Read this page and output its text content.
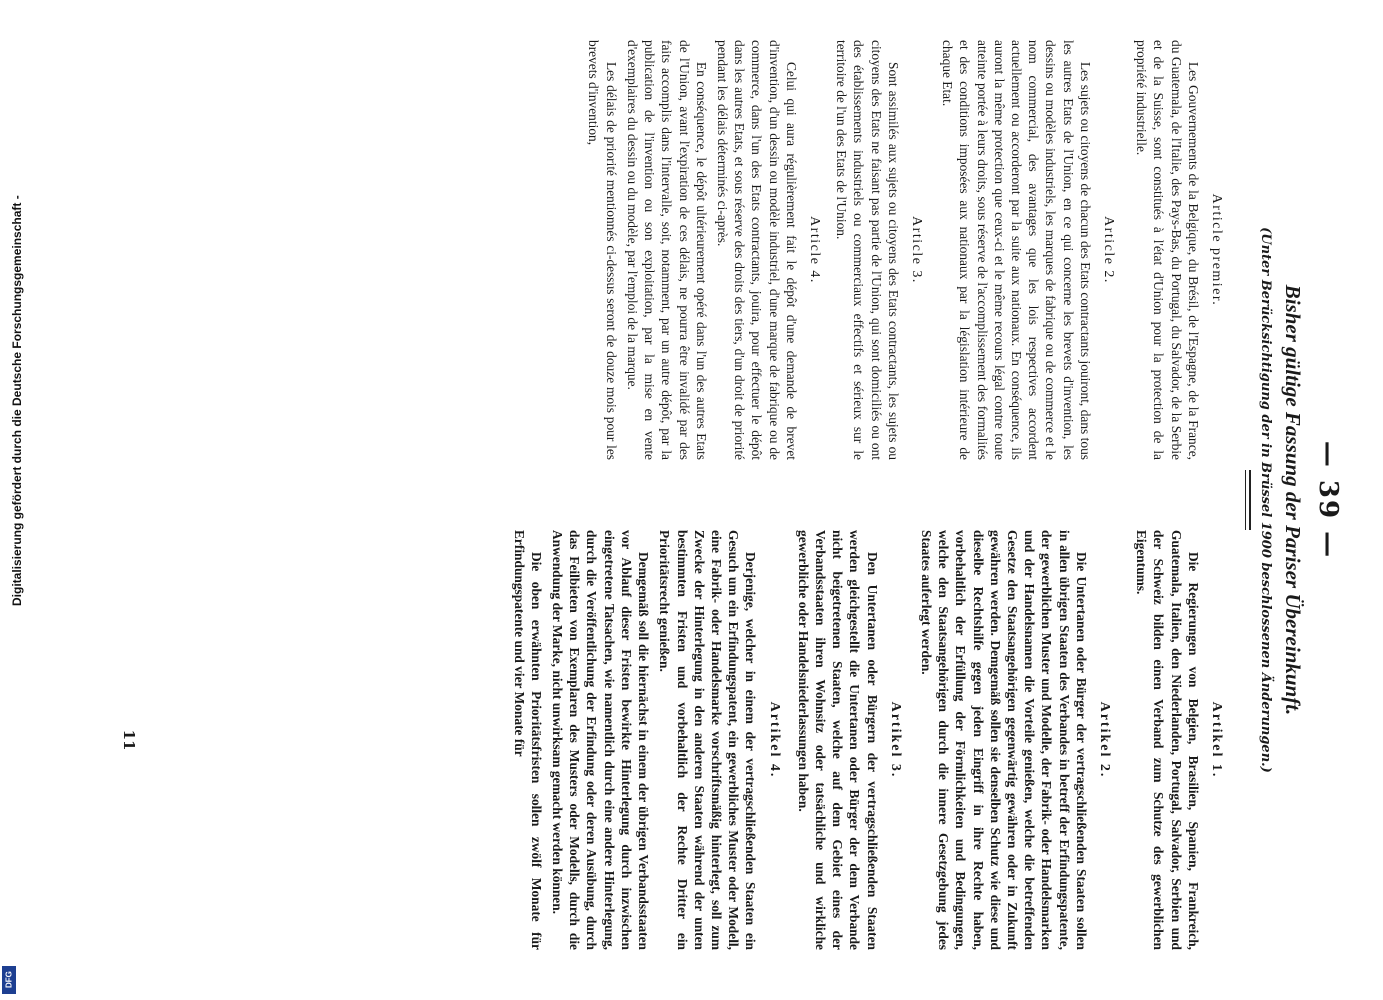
— 39 —
Bisher gültige Fassung der Pariser Übereinkunft.
(Unter Berücksichtigung der in Brüssel 1900 beschlossenen Änderungen.)
Artikel 1.

Die Regierungen von Belgien, Brasilien, Spanien, Frankreich, Guatemala, Italien, den Niederlanden, Portugal, Salvador, Serbien und der Schweiz bilden einen Verband zum Schutze des gewerblichen Eigentums.

Artikel 2.

Die Untertanen oder Bürger der vertragschließenden Staaten sollen in allen übrigen Staaten des Verbandes in betreff der Erfindungspatente, der gewerblichen Muster und Modelle, der Fabrik- oder Handelsmarken und der Handelsnamen die Vorteile genießen, welche die betreffenden Gesetze den Staatsangehörigen gegenwärtig gewähren oder in Zukunft gewähren werden. Demgemäß sollen sie denselben Schutz wie diese und dieselbe Rechtshilfe gegen jeden Eingriff in ihre Rechte haben, vorbehaltlich der Erfüllung der Förmlichkeiten und Bedingungen, welche den Staatsangehörigen durch die innere Gesetzgebung jedes Staates auferlegt werden.

Artikel 3.

Den Untertanen oder Bürgern der vertragschließenden Staaten werden gleichgestellt die Untertanen oder Bürger der dem Verbande nicht beigetretenen Staaten, welche auf dem Gebiet eines der Verbandsstaaten ihren Wohnsitz oder tatsächliche und wirkliche gewerbliche oder Handelsniederlassungen haben.

Artikel 4.

Derjenige, welcher in einem der vertragschließenden Staaten ein Gesuch um ein Erfindungspatent, ein gewerbliches Muster oder Modell, eine Fabrik- oder Handelsmarke vorschriftsmäßig hinterlegt, soll zum Zwecke der Hinterlegung in den anderen Staaten während der unten bestimmten Fristen und vorbehaltlich der Rechte Dritter ein Prioritätsrecht genießen.

Demgemäß soll die hiernächst in einem der übrigen Verbandsstaaten vor Ablauf dieser Fristen bewirkte Hinterlegung durch inzwischen eingetretene Tatsachen, wie namentlich durch eine andere Hinterlegung, durch die Veröffentlichung der Erfindung oder deren Ausübung, durch das Feilbieten von Exemplaren des Musters oder Modells, durch die Anwendung der Marke, nicht unwirksam gemacht werden können.

Die oben erwähnten Prioritätsfristen sollen zwölf Monate für Erfindungspatente und vier Monate für

Article premier.

Les Gouvernements de la Belgique, du Brésil, de l'Espagne, de la France, du Guatemala, de l'Italie, des Pays-Bas, du Portugal, du Salvador, de la Serbie et de la Suisse, sont constitués à l'état d'Union pour la protection de la propriété industrielle.

Article 2.

Les sujets ou citoyens de chacun des Etats contractants jouiront, dans tous les autres Etats de l'Union, en ce qui concerne les brevets d'invention, les dessins ou modèles industriels, les marques de fabrique ou de commerce et le nom commercial, des avantages que les lois respectives accordent actuellement ou accorderont par la suite aux nationaux. En conséquence, ils auront la même protection que ceux-ci et le même recours légal contre toute atteinte portée à leurs droits, sous réserve de l'accomplissement des formalités et des conditions imposées aux nationaux par la législation intérieure de chaque Etat.

Article 3.

Sont assimilés aux sujets ou citoyens des Etats contractants, les sujets ou citoyens des Etats ne faisant pas partie de l'Union, qui sont domiciliés ou ont des établissements industriels ou commerciaux effectifs et sérieux sur le territoire de l'un des Etats de l'Union.

Article 4.

Celui qui aura régulièrement fait le dépôt d'une demande de brevet d'invention, d'un dessin ou modèle industriel, d'une marque de fabrique ou de commerce, dans l'un des Etats contractants, jouira, pour effectuer le dépôt dans les autres Etats, et sous réserve des droits des tiers, d'un droit de priorité pendant les délais déterminés ci-après.

En conséquence, le dépôt ultérieurement opéré dans l'un des autres Etats de l'Union, avant l'expiration de ces délais, ne pourra être invalidé par des faits accomplis dans l'intervalle, soit, notamment, par un autre dépôt, par la publication de l'invention ou son exploitation, par la mise en vente d'exemplaires du dessin ou du modèle, par l'emploi de la marque.

Les délais de priorité mentionnés ci-dessus seront de douze mois pour les brevets d'invention,

11
Digitalisierung gefördert durch die Deutsche Forschungsgemeinschaft -
DFG
